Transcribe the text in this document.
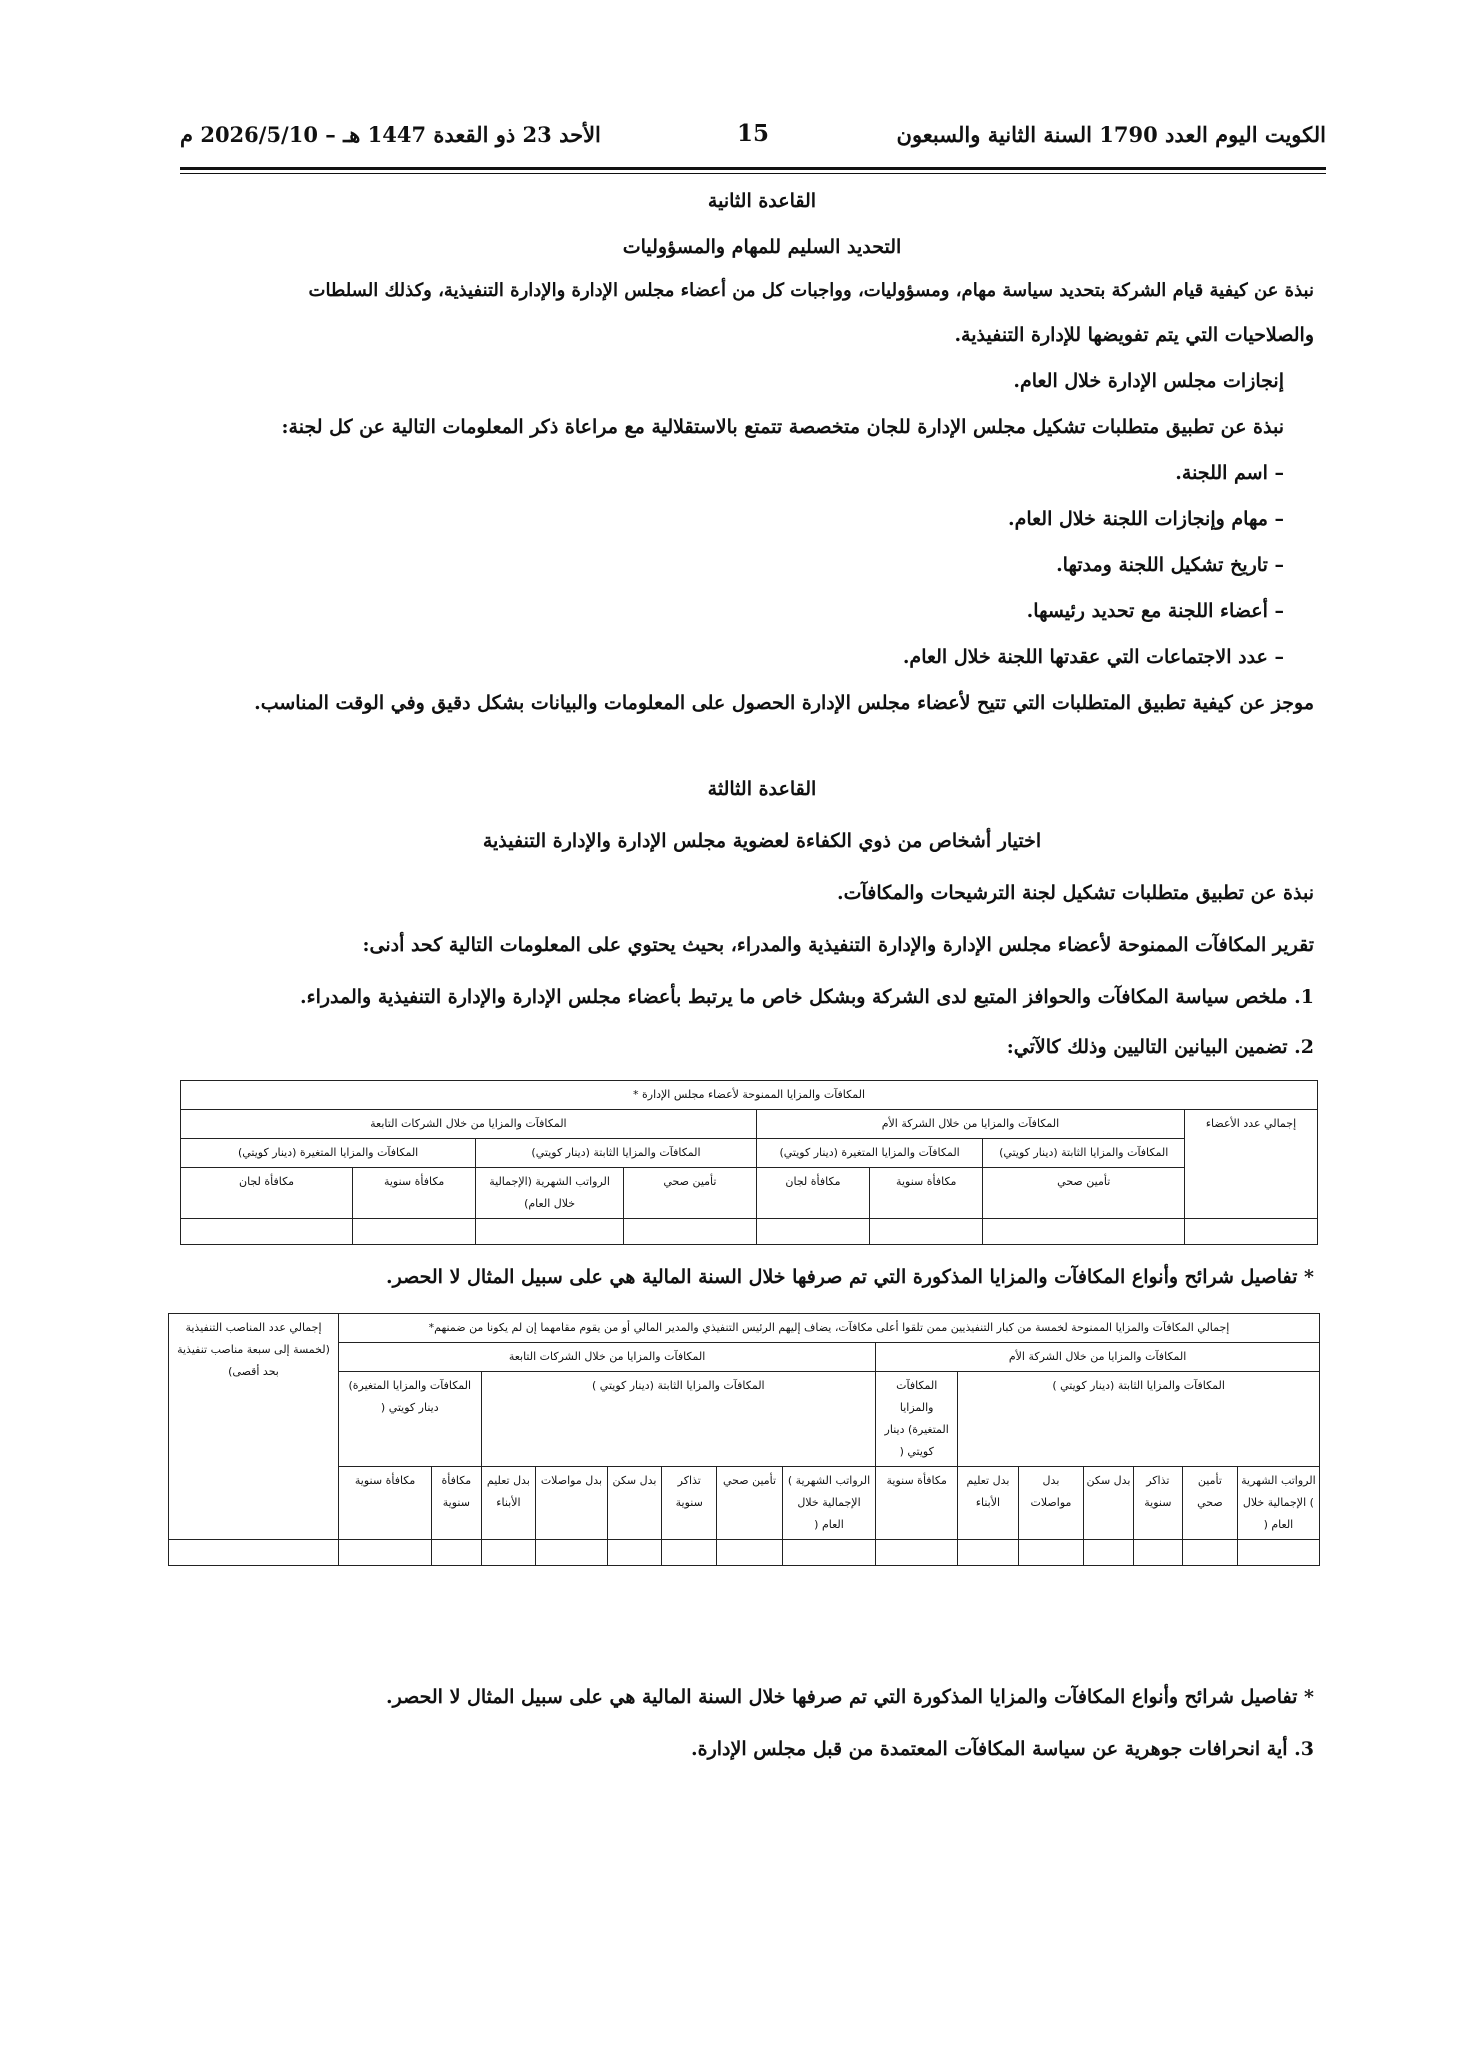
الكويت اليوم العدد 1790 السنة الثانية والسبعون
15
الأحد 23 ذو القعدة 1447 هـ – 2026/5/10 م
القاعدة الثانية
التحديد السليم للمهام والمسؤوليات
نبذة عن كيفية قيام الشركة بتحديد سياسة مهام، ومسؤوليات، وواجبات كل من أعضاء مجلس الإدارة والإدارة التنفيذية، وكذلك السلطات
والصلاحيات التي يتم تفويضها للإدارة التنفيذية.
إنجازات مجلس الإدارة خلال العام.
نبذة عن تطبيق متطلبات تشكيل مجلس الإدارة للجان متخصصة تتمتع بالاستقلالية مع مراعاة ذكر المعلومات التالية عن كل لجنة:
– اسم اللجنة.
– مهام وإنجازات اللجنة خلال العام.
– تاريخ تشكيل اللجنة ومدتها.
– أعضاء اللجنة مع تحديد رئيسها.
– عدد الاجتماعات التي عقدتها اللجنة خلال العام.
موجز عن كيفية تطبيق المتطلبات التي تتيح لأعضاء مجلس الإدارة الحصول على المعلومات والبيانات بشكل دقيق وفي الوقت المناسب.
القاعدة الثالثة
اختيار أشخاص من ذوي الكفاءة لعضوية مجلس الإدارة والإدارة التنفيذية
نبذة عن تطبيق متطلبات تشكيل لجنة الترشيحات والمكافآت.
تقرير المكافآت الممنوحة لأعضاء مجلس الإدارة والإدارة التنفيذية والمدراء، بحيث يحتوي على المعلومات التالية كحد أدنى:
1. ملخص سياسة المكافآت والحوافز المتبع لدى الشركة وبشكل خاص ما يرتبط بأعضاء مجلس الإدارة والإدارة التنفيذية والمدراء.
2. تضمين البيانين التاليين وذلك كالآتي:
المكافآت والمزايا الممنوحة لأعضاء مجلس الإدارة *							
إجمالي عدد الأعضاء	المكافآت والمزايا من خلال الشركة الأم			المكافآت والمزايا من خلال الشركات التابعة			
	المكافآت والمزايا الثابتة (دينار كويتي)	المكافآت والمزايا المتغيرة (دينار كويتي)		المكافآت والمزايا الثابتة (دينار كويتي)		المكافآت والمزايا المتغيرة (دينار كويتي)	
	تأمين صحي	مكافأة سنوية	مكافأة لجان	تأمين صحي	الرواتب الشهرية (الإجمالية خلال العام)	مكافأة سنوية	مكافأة لجان

* تفاصيل شرائح وأنواع المكافآت والمزايا المذكورة التي تم صرفها خلال السنة المالية هي على سبيل المثال لا الحصر.
إجمالي المكافآت والمزايا الممنوحة لخمسة من كبار التنفيذيين ممن تلقوا أعلى مكافآت، يضاف إليهم الرئيس التنفيذي والمدير المالي أو من يقوم مقامهما إن لم يكونا من ضمنهم*															إجمالي عدد المناصب التنفيذية (لخمسة إلى سبعة مناصب تنفيذية بحد أقصى)
المكافآت والمزايا من خلال الشركة الأم							المكافآت والمزايا من خلال الشركات التابعة								
المكافآت والمزايا الثابتة (دينار كويتي )						المكافآت والمزايا المتغيرة) دينار كويتي (	المكافآت والمزايا الثابتة (دينار كويتي )						المكافآت والمزايا المتغيرة) دينار كويتي (		
الرواتب الشهرية ) الإجمالية خلال العام (	تأمين صحي	تذاكر سنوية	بدل سكن	بدل مواصلات	بدل تعليم الأبناء	مكافأة سنوية	الرواتب الشهرية ) الإجمالية خلال العام (	تأمين صحي	تذاكر سنوية	بدل سكن	بدل مواصلات	بدل تعليم الأبناء	مكافأة سنوية	مكافأة سنوية	

* تفاصيل شرائح وأنواع المكافآت والمزايا المذكورة التي تم صرفها خلال السنة المالية هي على سبيل المثال لا الحصر.
3. أية انحرافات جوهرية عن سياسة المكافآت المعتمدة من قبل مجلس الإدارة.
